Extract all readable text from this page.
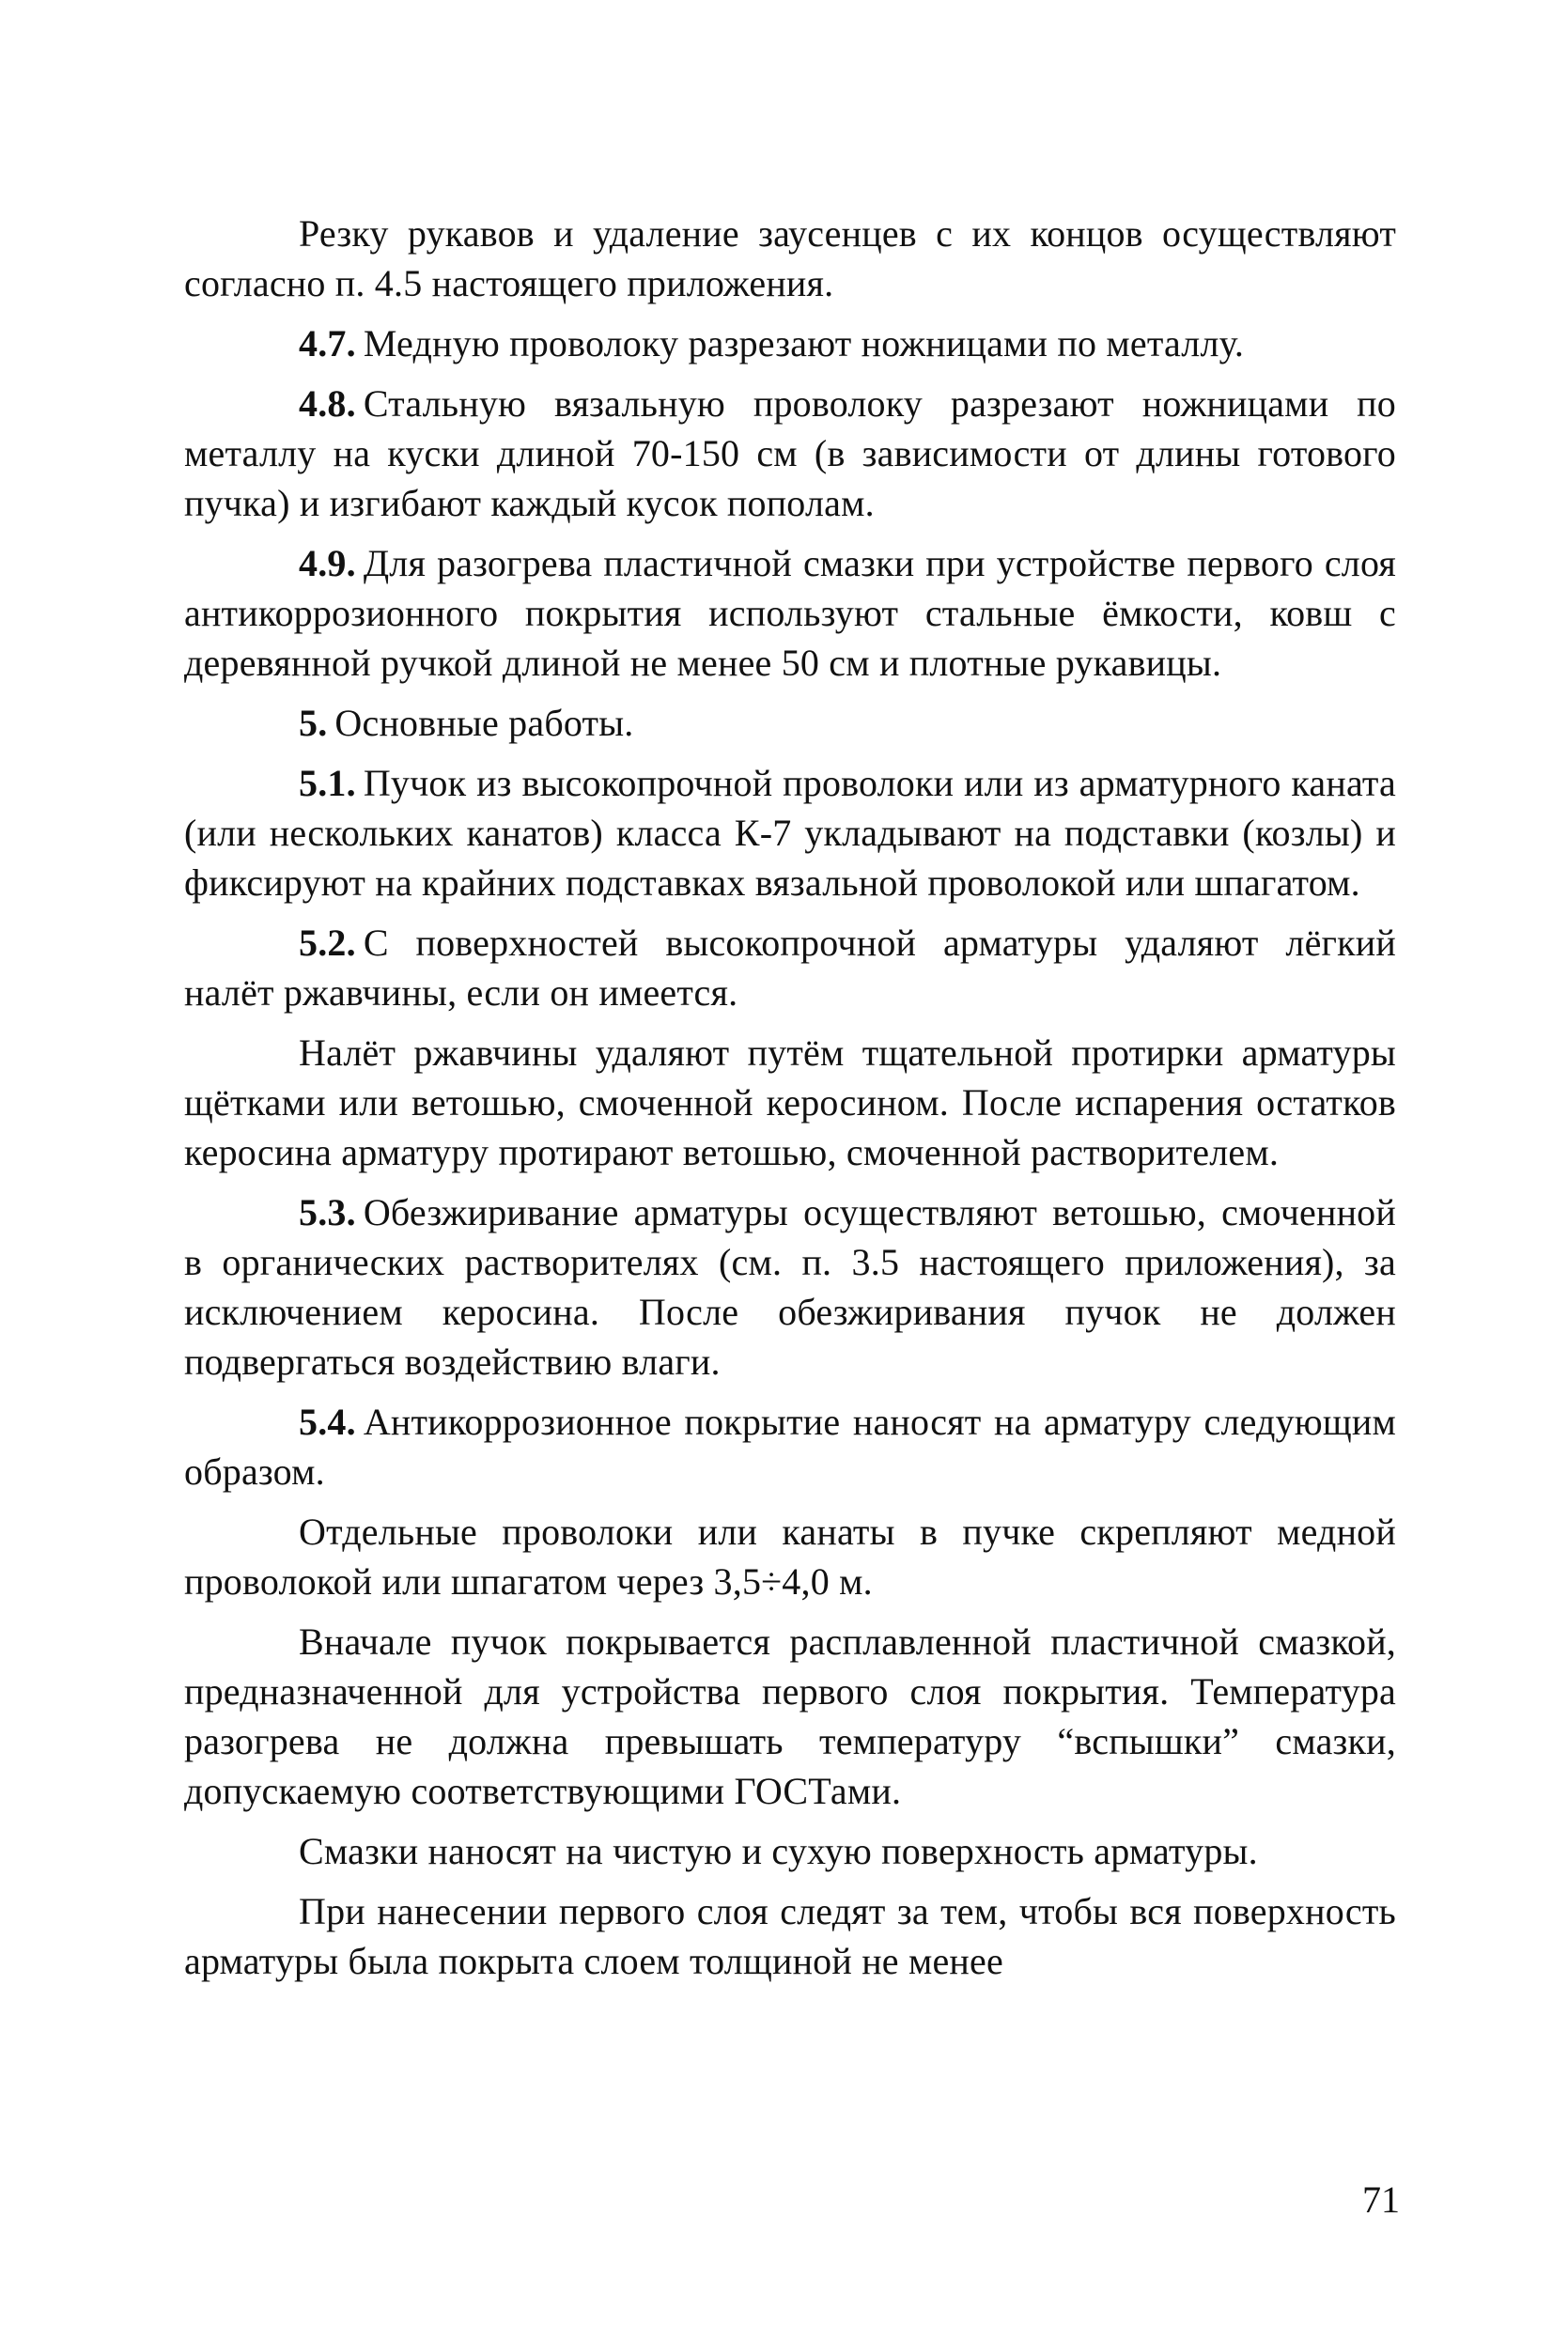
Резку рукавов и удаление заусенцев с их концов осуществляют согласно п. 4.5 настоящего приложения.

4.7. Медную проволоку разрезают ножницами по металлу.

4.8. Стальную вязальную проволоку разрезают ножницами по металлу на куски длиной 70-150 см (в зависимости от длины готового пучка) и изгибают каждый кусок пополам.

4.9. Для разогрева пластичной смазки при устройстве первого слоя антикоррозионного покрытия используют стальные ёмкости, ковш с деревянной ручкой длиной не менее 50 см и плотные рукавицы.

5. Основные работы.

5.1. Пучок из высокопрочной проволоки или из арматурного каната (или нескольких канатов) класса К-7 укладывают на подставки (козлы) и фиксируют на крайних подставках вязальной проволокой или шпагатом.

5.2. С поверхностей высокопрочной арматуры удаляют лёгкий налёт ржавчины, если он имеется.

Налёт ржавчины удаляют путём тщательной протирки арматуры щётками или ветошью, смоченной керосином. После испарения остатков керосина арматуру протирают ветошью, смоченной растворителем.

5.3. Обезжиривание арматуры осуществляют ветошью, смоченной в органических растворителях (см. п. 3.5 настоящего приложения), за исключением керосина. После обезжиривания пучок не должен подвергаться воздействию влаги.

5.4. Антикоррозионное покрытие наносят на арматуру следующим образом.

Отдельные проволоки или канаты в пучке скрепляют медной проволокой или шпагатом через 3,5÷4,0 м.

Вначале пучок покрывается расплавленной пластичной смазкой, предназначенной для устройства первого слоя покрытия. Температура разогрева не должна превышать температуру “вспышки” смазки, допускаемую соответствующими ГОСТами.

Смазки наносят на чистую и сухую поверхность арматуры.

При нанесении первого слоя следят за тем, чтобы вся поверхность арматуры была покрыта слоем толщиной не менее

71
